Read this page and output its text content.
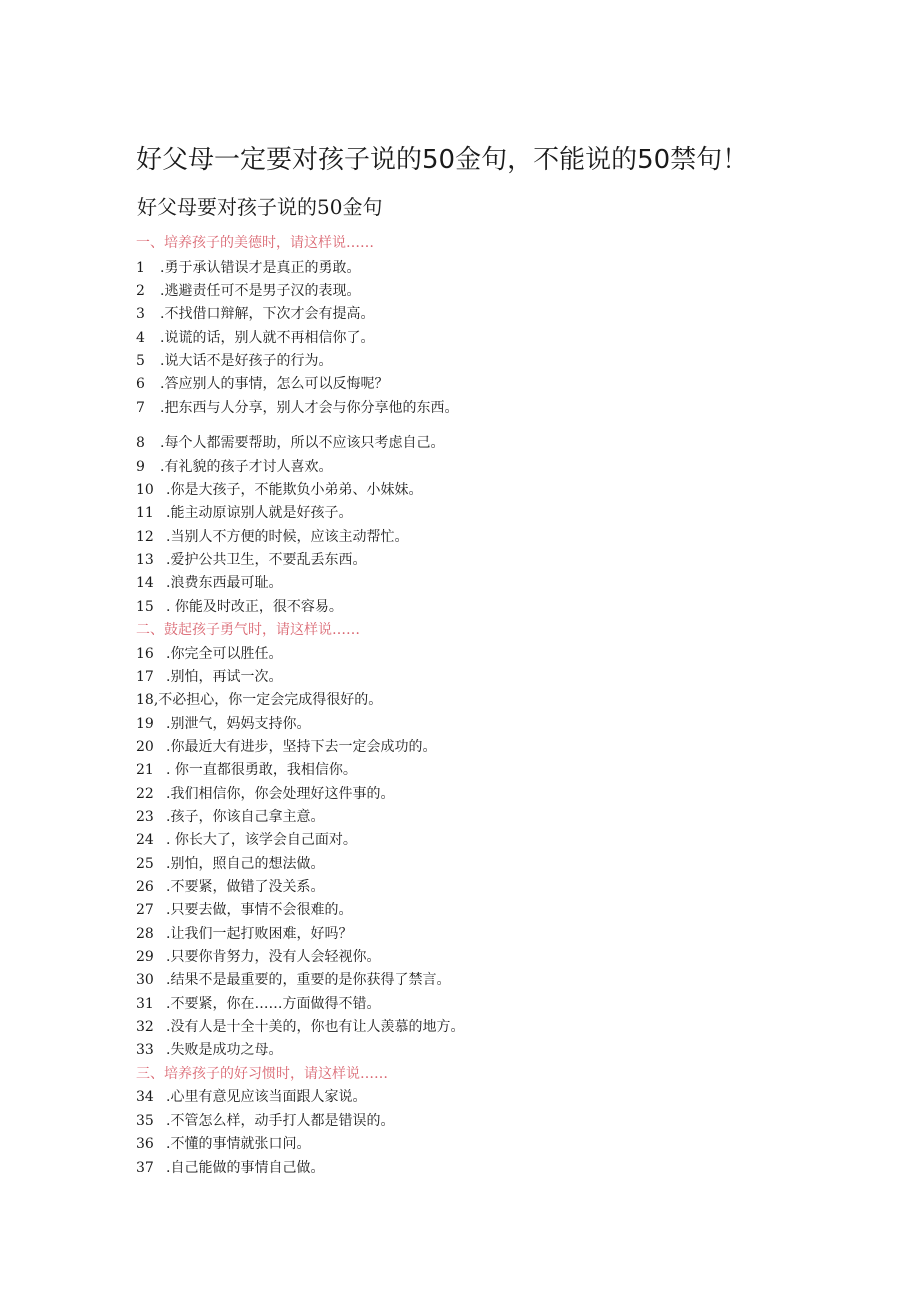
好父母一定要对孩子说的50金句，不能说的50禁句！
好父母要对孩子说的50金句

一、培养孩子的美德时，请这样说……

1 .勇于承认错误才是真正的勇敢。

2 .逃避责任可不是男子汉的表现。

3 .不找借口辩解，下次才会有提高。

4 .说谎的话，别人就不再相信你了。

5 .说大话不是好孩子的行为。

6 .答应别人的事情，怎么可以反悔呢？

7 .把东西与人分享，别人才会与你分享他的东西。

8 .每个人都需要帮助，所以不应该只考虑自己。

9 .有礼貌的孩子才讨人喜欢。

10 .你是大孩子，不能欺负小弟弟、小妹妹。

11 .能主动原谅别人就是好孩子。

12 .当别人不方便的时候，应该主动帮忙。

13 .爱护公共卫生，不要乱丢东西。

14 .浪费东西最可耻。

15 . 你能及时改正，很不容易。

二、鼓起孩子勇气时，请这样说……

16 .你完全可以胜任。

17 .别怕，再试一次。

18,不必担心，你一定会完成得很好的。

19 .别泄气，妈妈支持你。

20 .你最近大有进步，坚持下去一定会成功的。

21 . 你一直都很勇敢，我相信你。

22 .我们相信你，你会处理好这件事的。

23 .孩子，你该自己拿主意。

24 . 你长大了，该学会自己面对。

25 .别怕，照自己的想法做。

26 .不要紧，做错了没关系。

27 .只要去做，事情不会很难的。

28 .让我们一起打败困难，好吗？

29 .只要你肯努力，没有人会轻视你。

30 .结果不是最重要的，重要的是你获得了禁言。

31 .不要紧，你在……方面做得不错。

32 .没有人是十全十美的，你也有让人羡慕的地方。

33 .失败是成功之母。

三、培养孩子的好习惯时，请这样说……

34 .心里有意见应该当面跟人家说。

35 .不管怎么样，动手打人都是错误的。

36 .不懂的事情就张口问。

37 .自己能做的事情自己做。
